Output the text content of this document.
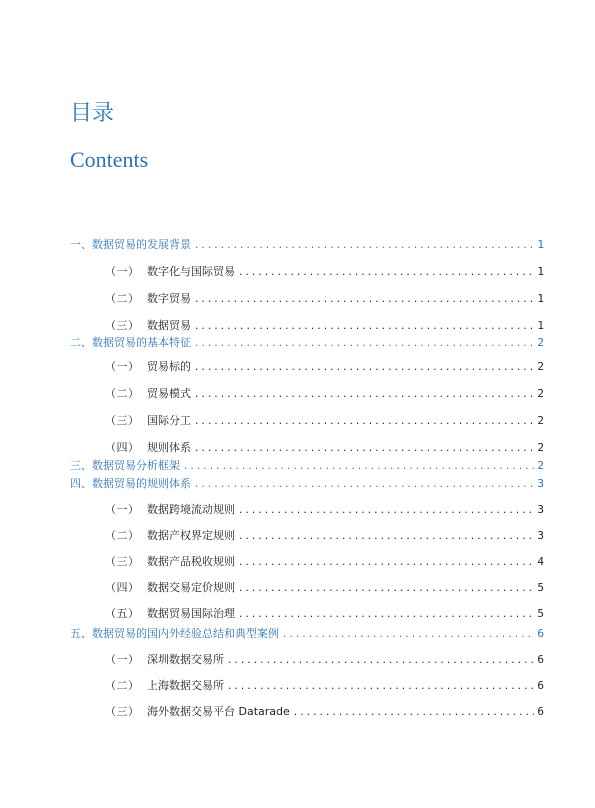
目录
Contents
一、 数据贸易的发展背景 . . .	1
（一） 数字化与国际贸易 . . .	1
（二） 数字贸易 . . .	1
（三） 数据贸易 . . .	1
二、 数据贸易的基本特征 . . .	2
（一） 贸易标的 . . .	2
（二） 贸易模式 . . .	2
（三） 国际分工 . . .	2
（四） 规则体系 . . .	2
三、 数据贸易分析框架 . . .	2
四、 数据贸易的规则体系 . . .	3
（一） 数据跨境流动规则 . . .	3
（二） 数据产权界定规则 . . .	3
（三） 数据产品税收规则 . . .	4
（四） 数据交易定价规则 . . .	5
（五） 数据贸易国际治理 . . .	5
五、 数据贸易的国内外经验总结和典型案例 . . .	6
（一） 深圳数据交易所 . . .	6
（二） 上海数据交易所 . . .	6
（三） 海外数据交易平台 Datarade . . .	6
